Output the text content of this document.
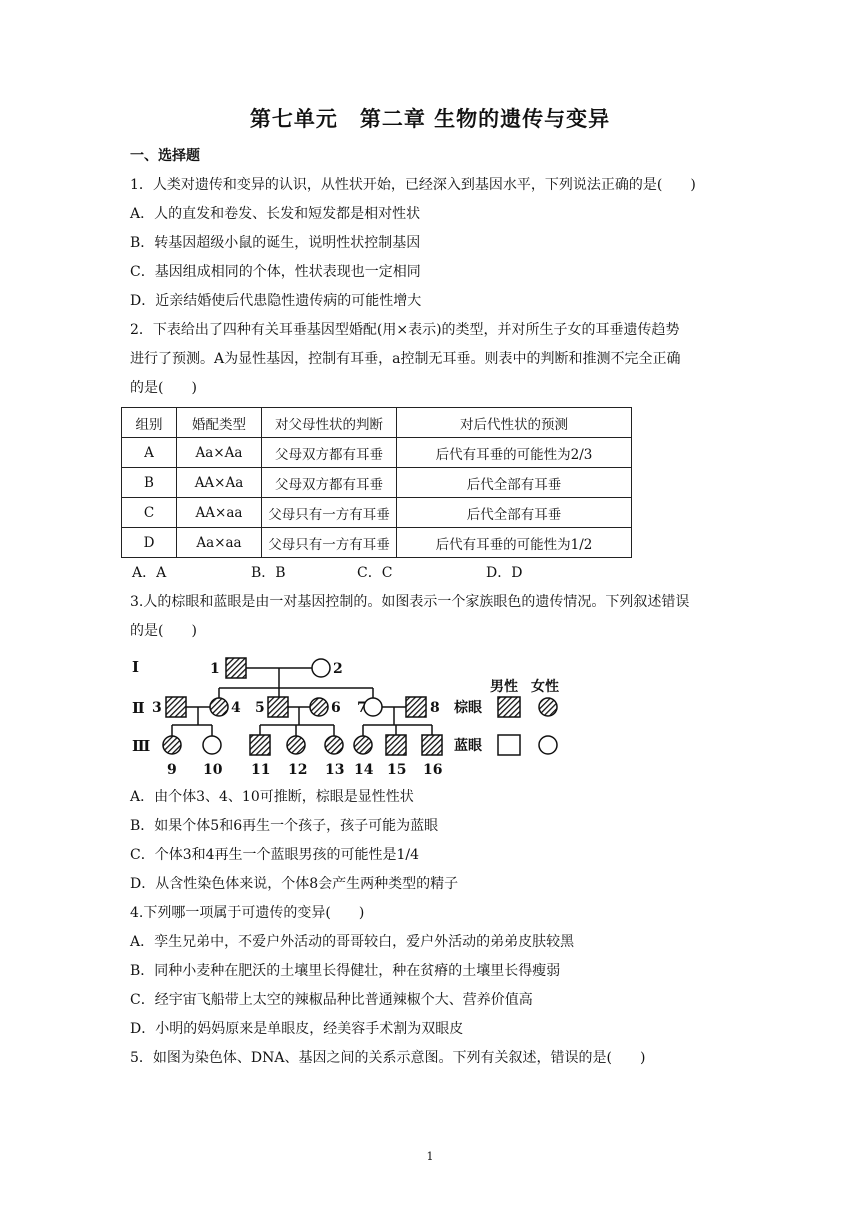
第七单元　第二章 生物的遗传与变异
一、选择题
1．人类对遗传和变异的认识，从性状开始，已经深入到基因水平，下列说法正确的是(　　)
A．人的直发和卷发、长发和短发都是相对性状
B．转基因超级小鼠的诞生，说明性状控制基因
C．基因组成相同的个体，性状表现也一定相同
D．近亲结婚使后代患隐性遗传病的可能性增大
2．下表给出了四种有关耳垂基因型婚配(用×表示)的类型，并对所生子女的耳垂遗传趋势
进行了预测。A为显性基因，控制有耳垂，a控制无耳垂。则表中的判断和推测不完全正确
的是(　　)
组别	婚配类型	对父母性状的判断	对后代性状的预测
A	Aa×Aa	父母双方都有耳垂	后代有耳垂的可能性为2/3
B	AA×Aa	父母双方都有耳垂	后代全部有耳垂
C	AA×aa	父母只有一方有耳垂	后代全部有耳垂
D	Aa×aa	父母只有一方有耳垂	后代有耳垂的可能性为1/2
A．A	B．B	C．C	D．D
3.人的棕眼和蓝眼是由一对基因控制的。如图表示一个家族眼色的遗传情况。下列叙述错误
的是(　　)
Ⅰ
Ⅱ
Ⅲ
1	2
3	4 5	6 7	8
9 10 11 12 13 14 15 16
男性 女性
棕眼
蓝眼
A．由个体3、4、10可推断，棕眼是显性性状
B．如果个体5和6再生一个孩子，孩子可能为蓝眼
C．个体3和4再生一个蓝眼男孩的可能性是1/4
D．从含性染色体来说，个体8会产生两种类型的精子
4.下列哪一项属于可遗传的变异(　　)
A．孪生兄弟中，不爱户外活动的哥哥较白，爱户外活动的弟弟皮肤较黑
B．同种小麦种在肥沃的土壤里长得健壮，种在贫瘠的土壤里长得瘦弱
C．经宇宙飞船带上太空的辣椒品种比普通辣椒个大、营养价值高
D．小明的妈妈原来是单眼皮，经美容手术割为双眼皮
5．如图为染色体、DNA、基因之间的关系示意图。下列有关叙述，错误的是(　　)
1
